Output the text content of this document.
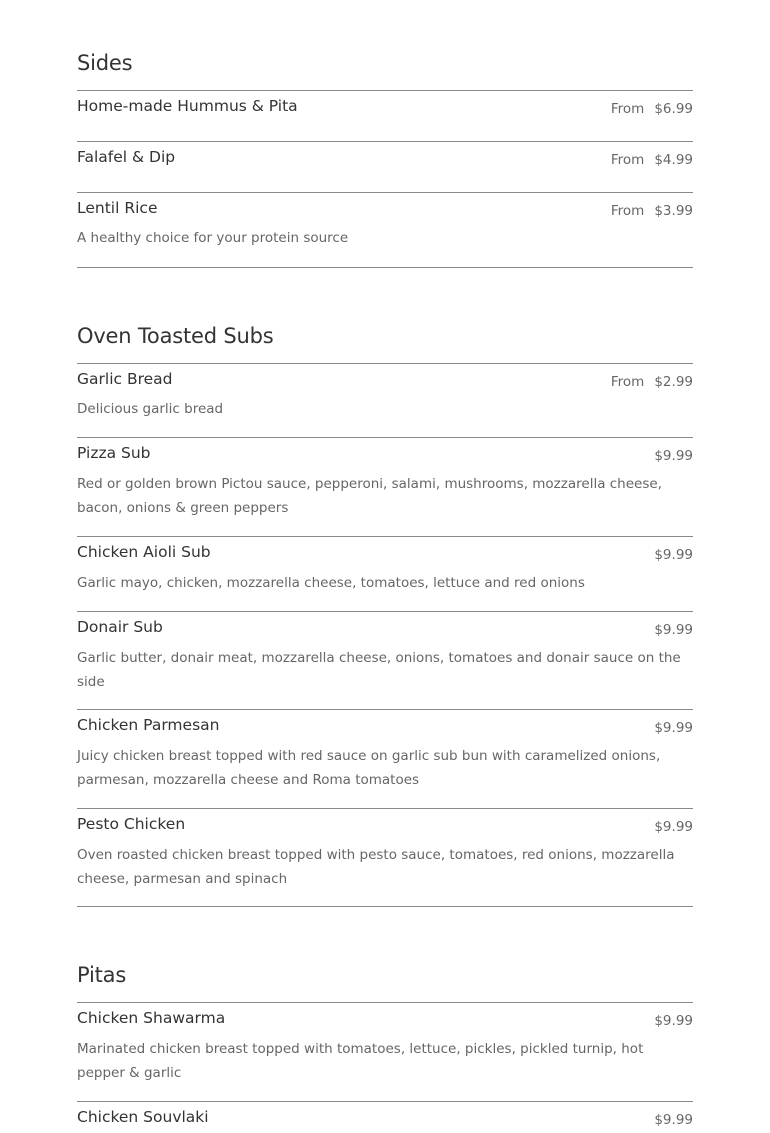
Sides
Home-made Hummus & Pita	From $6.99
Falafel & Dip	From $4.99
Lentil Rice	From $3.99
A healthy choice for your protein source
Oven Toasted Subs
Garlic Bread	From $2.99
Delicious garlic bread
Pizza Sub	$9.99
Red or golden brown Pictou sauce, pepperoni, salami, mushrooms, mozzarella cheese, bacon, onions & green peppers
Chicken Aioli Sub	$9.99
Garlic mayo, chicken, mozzarella cheese, tomatoes, lettuce and red onions
Donair Sub	$9.99
Garlic butter, donair meat, mozzarella cheese, onions, tomatoes and donair sauce on the side
Chicken Parmesan	$9.99
Juicy chicken breast topped with red sauce on garlic sub bun with caramelized onions, parmesan, mozzarella cheese and Roma tomatoes
Pesto Chicken	$9.99
Oven roasted chicken breast topped with pesto sauce, tomatoes, red onions, mozzarella cheese, parmesan and spinach
Pitas
Chicken Shawarma	$9.99
Marinated chicken breast topped with tomatoes, lettuce, pickles, pickled turnip, hot pepper & garlic
Chicken Souvlaki	$9.99
